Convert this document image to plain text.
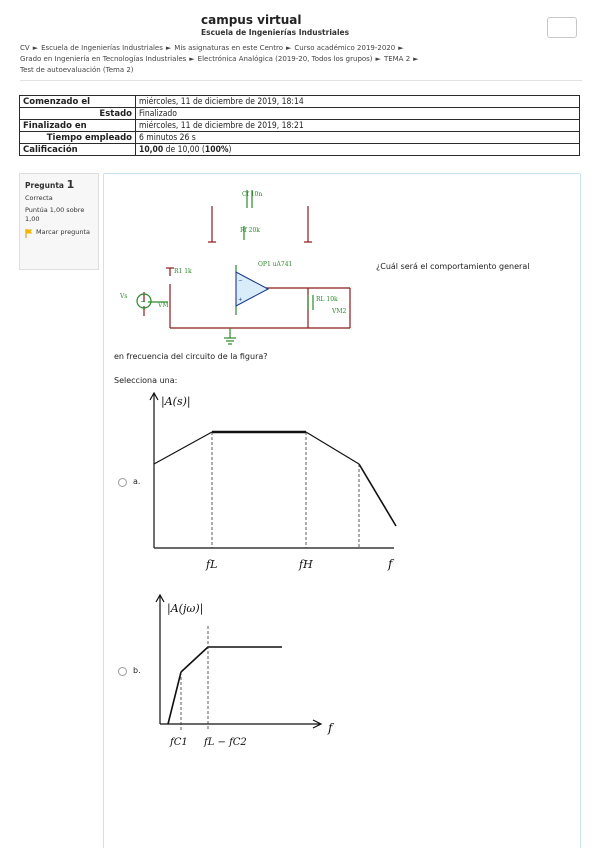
campus virtual
Escuela de Ingenierías Industriales
CV ► Escuela de Ingenierías Industriales ► Mis asignaturas en este Centro ► Curso académico 2019-2020 ►
Grado en Ingeniería en Tecnologías Industriales ► Electrónica Analógica (2019-20, Todos los grupos) ► TEMA 2 ►
Test de autoevaluación (Tema 2)
Comenzado el	miércoles, 11 de diciembre de 2019, 18:14
Estado	Finalizado
Finalizado en	miércoles, 11 de diciembre de 2019, 18:21
Tiempo empleado	6 minutos 26 s
Calificación	10,00 de 10,00 (100%)
Pregunta 1
Correcta
Puntúa 1,00 sobre 1,00
Marcar pregunta
~
−
+
Cf 10n
Rf 20k
R1 1k
OP1 uA741
RL 10k
Vs
VM
VM2
¿Cuál será el comportamiento general
en frecuencia del circuito de la figura?
Selecciona una:
a.
|A(s)|
fL	fH	f
b.
|A(jω)|
fC1 fL − fC2
f
